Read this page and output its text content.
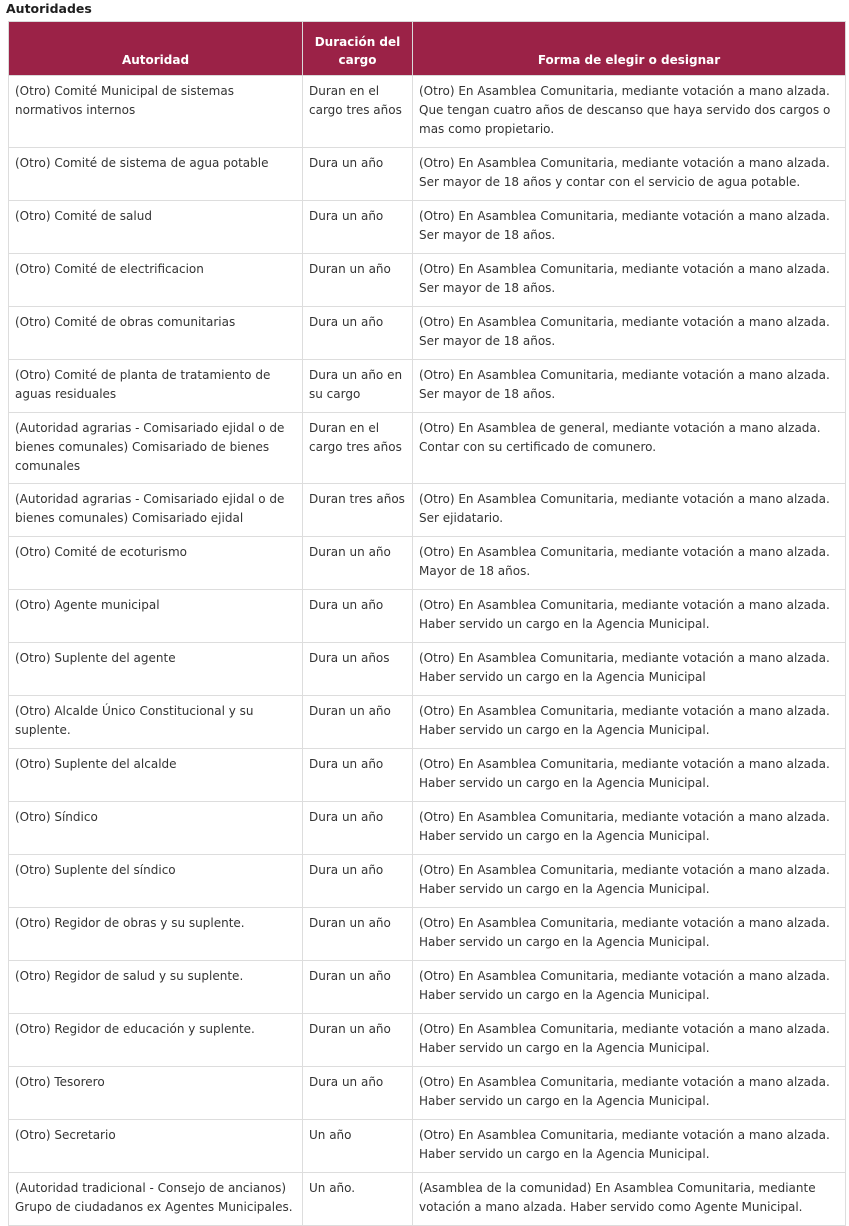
Autoridades
Autoridad	Duración del cargo	Forma de elegir o designar
(Otro) Comité Municipal de sistemas normativos internos	Duran en el cargo tres años	(Otro) En Asamblea Comunitaria, mediante votación a mano alzada. Que tengan cuatro años de descanso que haya servido dos cargos o mas como propietario.
(Otro) Comité de sistema de agua potable	Dura un año	(Otro) En Asamblea Comunitaria, mediante votación a mano alzada. Ser mayor de 18 años y contar con el servicio de agua potable.
(Otro) Comité de salud	Dura un año	(Otro) En Asamblea Comunitaria, mediante votación a mano alzada. Ser mayor de 18 años.
(Otro) Comité de electrificacion	Duran un año	(Otro) En Asamblea Comunitaria, mediante votación a mano alzada. Ser mayor de 18 años.
(Otro) Comité de obras comunitarias	Dura un año	(Otro) En Asamblea Comunitaria, mediante votación a mano alzada. Ser mayor de 18 años.
(Otro) Comité de planta de tratamiento de aguas residuales	Dura un año en su cargo	(Otro) En Asamblea Comunitaria, mediante votación a mano alzada. Ser mayor de 18 años.
(Autoridad agrarias - Comisariado ejidal o de bienes comunales) Comisariado de bienes comunales	Duran en el cargo tres años	(Otro) En Asamblea de general, mediante votación a mano alzada. Contar con su certificado de comunero.
(Autoridad agrarias - Comisariado ejidal o de bienes comunales) Comisariado ejidal	Duran tres años	(Otro) En Asamblea Comunitaria, mediante votación a mano alzada. Ser ejidatario.
(Otro) Comité de ecoturismo	Duran un año	(Otro) En Asamblea Comunitaria, mediante votación a mano alzada. Mayor de 18 años.
(Otro) Agente municipal	Dura un año	(Otro) En Asamblea Comunitaria, mediante votación a mano alzada. Haber servido un cargo en la Agencia Municipal.
(Otro) Suplente del agente	Dura un años	(Otro) En Asamblea Comunitaria, mediante votación a mano alzada. Haber servido un cargo en la Agencia Municipal
(Otro) Alcalde Único Constitucional y su suplente.	Duran un año	(Otro) En Asamblea Comunitaria, mediante votación a mano alzada. Haber servido un cargo en la Agencia Municipal.
(Otro) Suplente del alcalde	Dura un año	(Otro) En Asamblea Comunitaria, mediante votación a mano alzada. Haber servido un cargo en la Agencia Municipal.
(Otro) Síndico	Dura un año	(Otro) En Asamblea Comunitaria, mediante votación a mano alzada. Haber servido un cargo en la Agencia Municipal.
(Otro) Suplente del síndico	Dura un año	(Otro) En Asamblea Comunitaria, mediante votación a mano alzada. Haber servido un cargo en la Agencia Municipal.
(Otro) Regidor de obras y su suplente.	Duran un año	(Otro) En Asamblea Comunitaria, mediante votación a mano alzada. Haber servido un cargo en la Agencia Municipal.
(Otro) Regidor de salud y su suplente.	Duran un año	(Otro) En Asamblea Comunitaria, mediante votación a mano alzada. Haber servido un cargo en la Agencia Municipal.
(Otro) Regidor de educación y suplente.	Duran un año	(Otro) En Asamblea Comunitaria, mediante votación a mano alzada. Haber servido un cargo en la Agencia Municipal.
(Otro) Tesorero	Dura un año	(Otro) En Asamblea Comunitaria, mediante votación a mano alzada. Haber servido un cargo en la Agencia Municipal.
(Otro) Secretario	Un año	(Otro) En Asamblea Comunitaria, mediante votación a mano alzada. Haber servido un cargo en la Agencia Municipal.
(Autoridad tradicional - Consejo de ancianos) Grupo de ciudadanos ex Agentes Municipales.	Un año.	(Asamblea de la comunidad) En Asamblea Comunitaria, mediante votación a mano alzada. Haber servido como Agente Municipal.
